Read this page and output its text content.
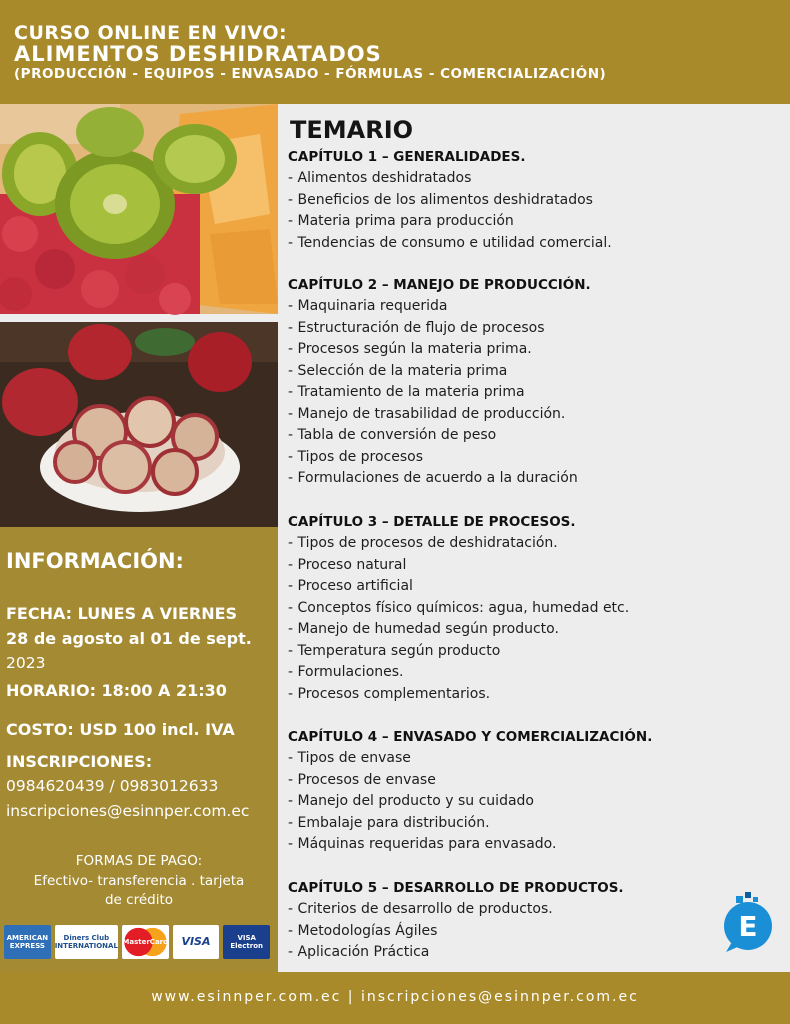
CURSO ONLINE EN VIVO:
ALIMENTOS DESHIDRATADOS
(PRODUCCIÓN - EQUIPOS - ENVASADO - FÓRMULAS - COMERCIALIZACIÓN)
INFORMACIÓN:
FECHA: LUNES A VIERNES
28 de agosto al 01 de sept.
2023
HORARIO: 18:00 A 21:30
COSTO: USD 100 incl. IVA
INSCRIPCIONES:
0984620439 / 0983012633
inscripciones@esinnper.com.ec
FORMAS DE PAGO:
Efectivo- transferencia . tarjeta
de crédito
AMERICAN EXPRESS
Diners Club INTERNATIONAL MasterCard	VISA	VISA Electron
TEMARIO
CAPÍTULO 1 – GENERALIDADES.
- Alimentos deshidratados
- Beneficios de los alimentos deshidratados
- Materia prima para producción
- Tendencias de consumo e utilidad comercial.
CAPÍTULO 2 – MANEJO DE PRODUCCIÓN.
- Maquinaria requerida
- Estructuración de flujo de procesos
- Procesos según la materia prima.
- Selección de la materia prima
- Tratamiento de la materia prima
- Manejo de trasabilidad de producción.
- Tabla de conversión de peso
- Tipos de procesos
- Formulaciones de acuerdo a la duración
CAPÍTULO 3 – DETALLE DE PROCESOS.
- Tipos de procesos de deshidratación.
- Proceso natural
- Proceso artificial
- Conceptos físico químicos: agua, humedad etc.
- Manejo de humedad según producto.
- Temperatura según producto
- Formulaciones.
- Procesos complementarios.
CAPÍTULO 4 – ENVASADO Y COMERCIALIZACIÓN.
- Tipos de envase
- Procesos de envase
- Manejo del producto y su cuidado
- Embalaje para distribución.
- Máquinas requeridas para envasado.
CAPÍTULO 5 – DESARROLLO DE PRODUCTOS.
- Criterios de desarrollo de productos.
- Metodologías Ágiles
- Aplicación Práctica
E
www.esinnper.com.ec | inscripciones@esinnper.com.ec
